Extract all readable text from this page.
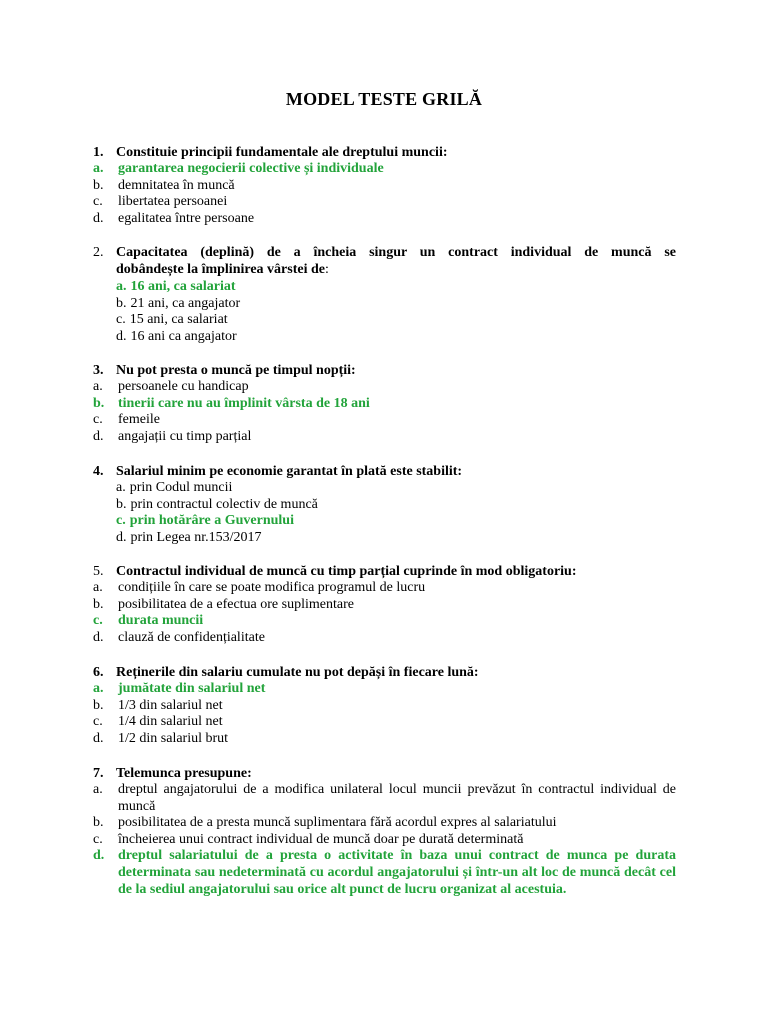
MODEL TESTE GRILĂ
1. Constituie principii fundamentale ale dreptului muncii:
a.	garantarea negocierii colective și individuale
b.	demnitatea în muncă
c.	libertatea persoanei
d.	egalitatea între persoane
2. Capacitatea (deplină) de a încheia singur un contract individual de muncă se
dobândește la împlinirea vârstei de:
a. 16 ani, ca salariat
b. 21 ani, ca angajator
c. 15 ani, ca salariat
d. 16 ani ca angajator
3. Nu pot presta o muncă pe timpul nopții:
a.	persoanele cu handicap
b. tinerii care nu au împlinit vârsta de 18 ani
c.	femeile
d.	angajații cu timp parțial
4. Salariul minim pe economie garantat în plată este stabilit:
a. prin Codul muncii
b. prin contractul colectiv de muncă
c. prin hotărâre a Guvernului
d. prin Legea nr.153/2017
5. Contractul individual de muncă cu timp parțial cuprinde în mod obligatoriu:
a.	condițiile în care se poate modifica programul de lucru
b.	posibilitatea de a efectua ore suplimentare
c.	durata muncii
d.	clauză de confidențialitate
6. Reținerile din salariu cumulate nu pot depăși în fiecare lună:
a.	jumătate din salariul net
b.	1/3 din salariul net
c.	1/4 din salariul net
d.	1/2 din salariul brut
7. Telemunca presupune:
a.	dreptul angajatorului de a modifica unilateral locul muncii prevăzut în contractul individual de muncă
b.	posibilitatea de a presta muncă suplimentara fără acordul expres al salariatului
c.	încheierea unui contract individual de muncă doar pe durată determinată
d. dreptul salariatului de a presta o activitate în baza unui contract de munca pe durata determinata sau nedeterminată cu acordul angajatorului și într-un alt loc de muncă decât cel de la sediul angajatorului sau orice alt punct de lucru organizat al acestuia.
